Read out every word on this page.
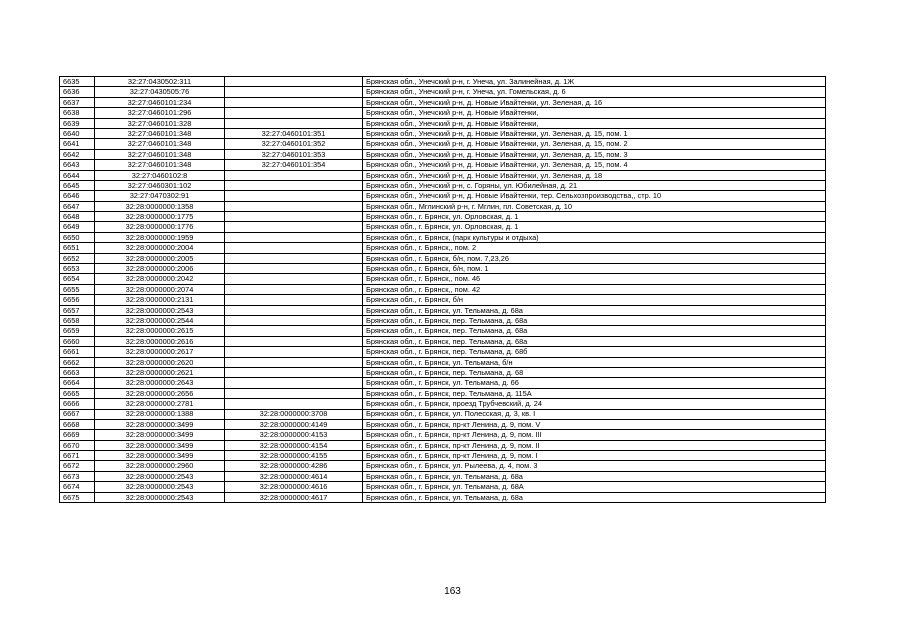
6635	32:27:0430502:311		Брянская обл., Унечский р-н, г. Унеча, ул. Залинейная, д. 1Ж
6636	32:27:0430505:76		Брянская обл., Унечский р-н, г. Унеча, ул. Гомельская, д. 6
6637	32:27:0460101:234		Брянская обл., Унечский р-н, д. Новые Ивайтенки, ул. Зеленая, д. 16
6638	32:27:0460101:296		Брянская обл., Унечский р-н, д. Новые Ивайтенки,
6639	32:27:0460101:328		Брянская обл., Унечский р-н, д. Новые Ивайтенки,
6640	32:27:0460101:348	32:27:0460101:351	Брянская обл., Унечский р-н, д. Новые Ивайтенки, ул. Зеленая, д. 15, пом. 1
6641	32:27:0460101:348	32:27:0460101:352	Брянская обл., Унечский р-н, д. Новые Ивайтенки, ул. Зеленая, д. 15, пом. 2
6642	32:27:0460101:348	32:27:0460101:353	Брянская обл., Унечский р-н, д. Новые Ивайтенки, ул. Зеленая, д. 15, пом. 3
6643	32:27:0460101:348	32:27:0460101:354	Брянская обл., Унечский р-н, д. Новые Ивайтенки, ул. Зеленая, д. 15, пом. 4
6644	32:27:0460102:8		Брянская обл., Унечский р-н, д. Новые Ивайтенки, ул. Зеленая, д. 18
6645	32:27:0460301:102		Брянская обл., Унечский р-н, с. Горяны, ул. Юбилейная, д. 21
6646	32:27:0470302:91		Брянская обл., Унечский р-н, д. Новые Ивайтенки, тер. Сельхозпроизводства,, стр. 10
6647	32:28:0000000:1358		Брянская обл., Мглинский р-н, г. Мглин, пл. Советская, д. 10
6648	32:28:0000000:1775		Брянская обл., г. Брянск, ул. Орловская, д. 1
6649	32:28:0000000:1776		Брянская обл., г. Брянск, ул. Орловская, д. 1
6650	32:28:0000000:1959		Брянская обл., г. Брянск, (парк культуры и отдыха)
6651	32:28:0000000:2004		Брянская обл., г. Брянск,, пом. 2
6652	32:28:0000000:2005		Брянская обл., г. Брянск, б/н, пом. 7,23,26
6653	32:28:0000000:2006		Брянская обл., г. Брянск, б/н, пом. 1
6654	32:28:0000000:2042		Брянская обл., г. Брянск,, пом. 46
6655	32:28:0000000:2074		Брянская обл., г. Брянск,, пом. 42
6656	32:28:0000000:2131		Брянская обл., г. Брянск, б/н
6657	32:28:0000000:2543		Брянская обл., г. Брянск, ул. Тельмана, д. 68а
6658	32:28:0000000:2544		Брянская обл., г. Брянск, пер. Тельмана, д. 68а
6659	32:28:0000000:2615		Брянская обл., г. Брянск, пер. Тельмана, д. 68а
6660	32:28:0000000:2616		Брянская обл., г. Брянск, пер. Тельмана, д. 68а
6661	32:28:0000000:2617		Брянская обл., г. Брянск, пер. Тельмана, д. 68б
6662	32:28:0000000:2620		Брянская обл., г. Брянск, ул. Тельмана, б/н
6663	32:28:0000000:2621		Брянская обл., г. Брянск, пер. Тельмана, д. 68
6664	32:28:0000000:2643		Брянская обл., г. Брянск, ул. Тельмана, д. 66
6665	32:28:0000000:2656		Брянская обл., г. Брянск, пер. Тельмана, д. 115А
6666	32:28:0000000:2781		Брянская обл., г. Брянск, проезд Трубчевский, д. 24
6667	32:28:0000000:1388	32:28:0000000:3708	Брянская обл., г. Брянск, ул. Полесская, д. 3, кв. I
6668	32:28:0000000:3499	32:28:0000000:4149	Брянская обл., г. Брянск, пр-кт Ленина, д. 9, пом. V
6669	32:28:0000000:3499	32:28:0000000:4153	Брянская обл., г. Брянск, пр-кт Ленина, д. 9, пом. III
6670	32:28:0000000:3499	32:28:0000000:4154	Брянская обл., г. Брянск, пр-кт Ленина, д. 9, пом. II
6671	32:28:0000000:3499	32:28:0000000:4155	Брянская обл., г. Брянск, пр-кт Ленина, д. 9, пом. I
6672	32:28:0000000:2960	32:28:0000000:4286	Брянская обл., г. Брянск, ул. Рылеева, д. 4, пом. 3
6673	32:28:0000000:2543	32:28:0000000:4614	Брянская обл., г. Брянск, ул. Тельмана, д. 68а
6674	32:28:0000000:2543	32:28:0000000:4616	Брянская обл., г. Брянск, ул. Тельмана, д. 68А
6675	32:28:0000000:2543	32:28:0000000:4617	Брянская обл., г. Брянск, ул. Тельмана, д. 68а
163
